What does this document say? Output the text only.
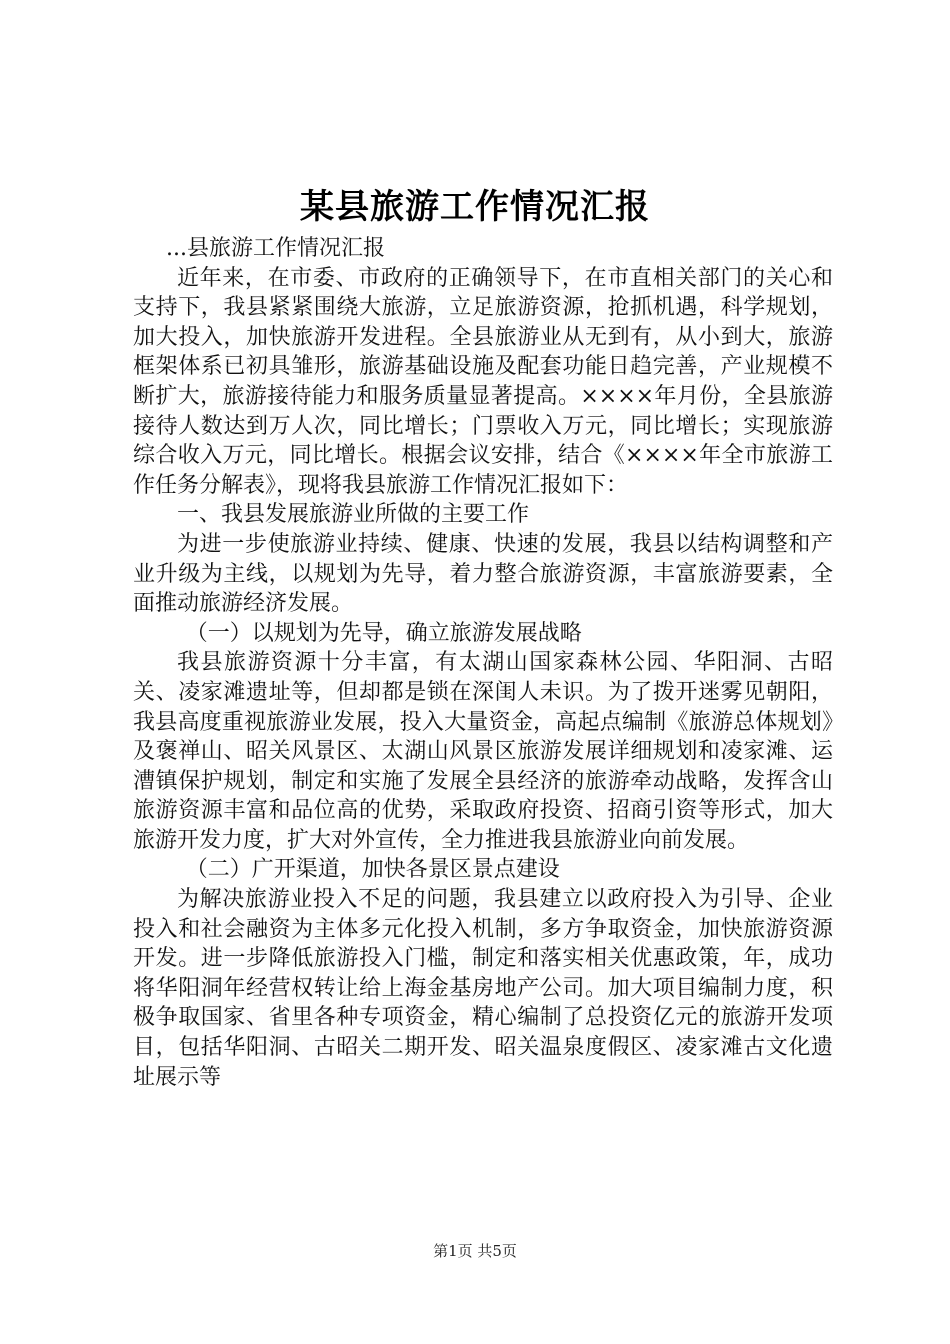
某县旅游工作情况汇报

...县旅游工作情况汇报

近年来，在市委、市政府的正确领导下，在市直相关部门的关心和支持下，我县紧紧围绕大旅游，立足旅游资源，抢抓机遇，科学规划，加大投入，加快旅游开发进程。全县旅游业从无到有，从小到大，旅游框架体系已初具雏形，旅游基础设施及配套功能日趋完善，产业规模不断扩大，旅游接待能力和服务质量显著提高。××××年月份，全县旅游接待人数达到万人次，同比增长；门票收入万元，同比增长；实现旅游综合收入万元，同比增长。根据会议安排，结合《××××年全市旅游工作任务分解表》，现将我县旅游工作情况汇报如下：

一、我县发展旅游业所做的主要工作

为进一步使旅游业持续、健康、快速的发展，我县以结构调整和产业升级为主线，以规划为先导，着力整合旅游资源，丰富旅游要素，全面推动旅游经济发展。

（一）以规划为先导，确立旅游发展战略

我县旅游资源十分丰富，有太湖山国家森林公园、华阳洞、古昭关、凌家滩遗址等，但却都是锁在深闺人未识。为了拨开迷雾见朝阳，我县高度重视旅游业发展，投入大量资金，高起点编制《旅游总体规划》及褒禅山、昭关风景区、太湖山风景区旅游发展详细规划和凌家滩、运漕镇保护规划，制定和实施了发展全县经济的旅游牵动战略，发挥含山旅游资源丰富和品位高的优势，采取政府投资、招商引资等形式，加大旅游开发力度，扩大对外宣传，全力推进我县旅游业向前发展。

（二）广开渠道，加快各景区景点建设

为解决旅游业投入不足的问题，我县建立以政府投入为引导、企业投入和社会融资为主体多元化投入机制，多方争取资金，加快旅游资源开发。进一步降低旅游投入门槛，制定和落实相关优惠政策，年，成功将华阳洞年经营权转让给上海金基房地产公司。加大项目编制力度，积极争取国家、省里各种专项资金，精心编制了总投资亿元的旅游开发项目，包括华阳洞、古昭关二期开发、昭关温泉度假区、凌家滩古文化遗址展示等

第1页 共5页
